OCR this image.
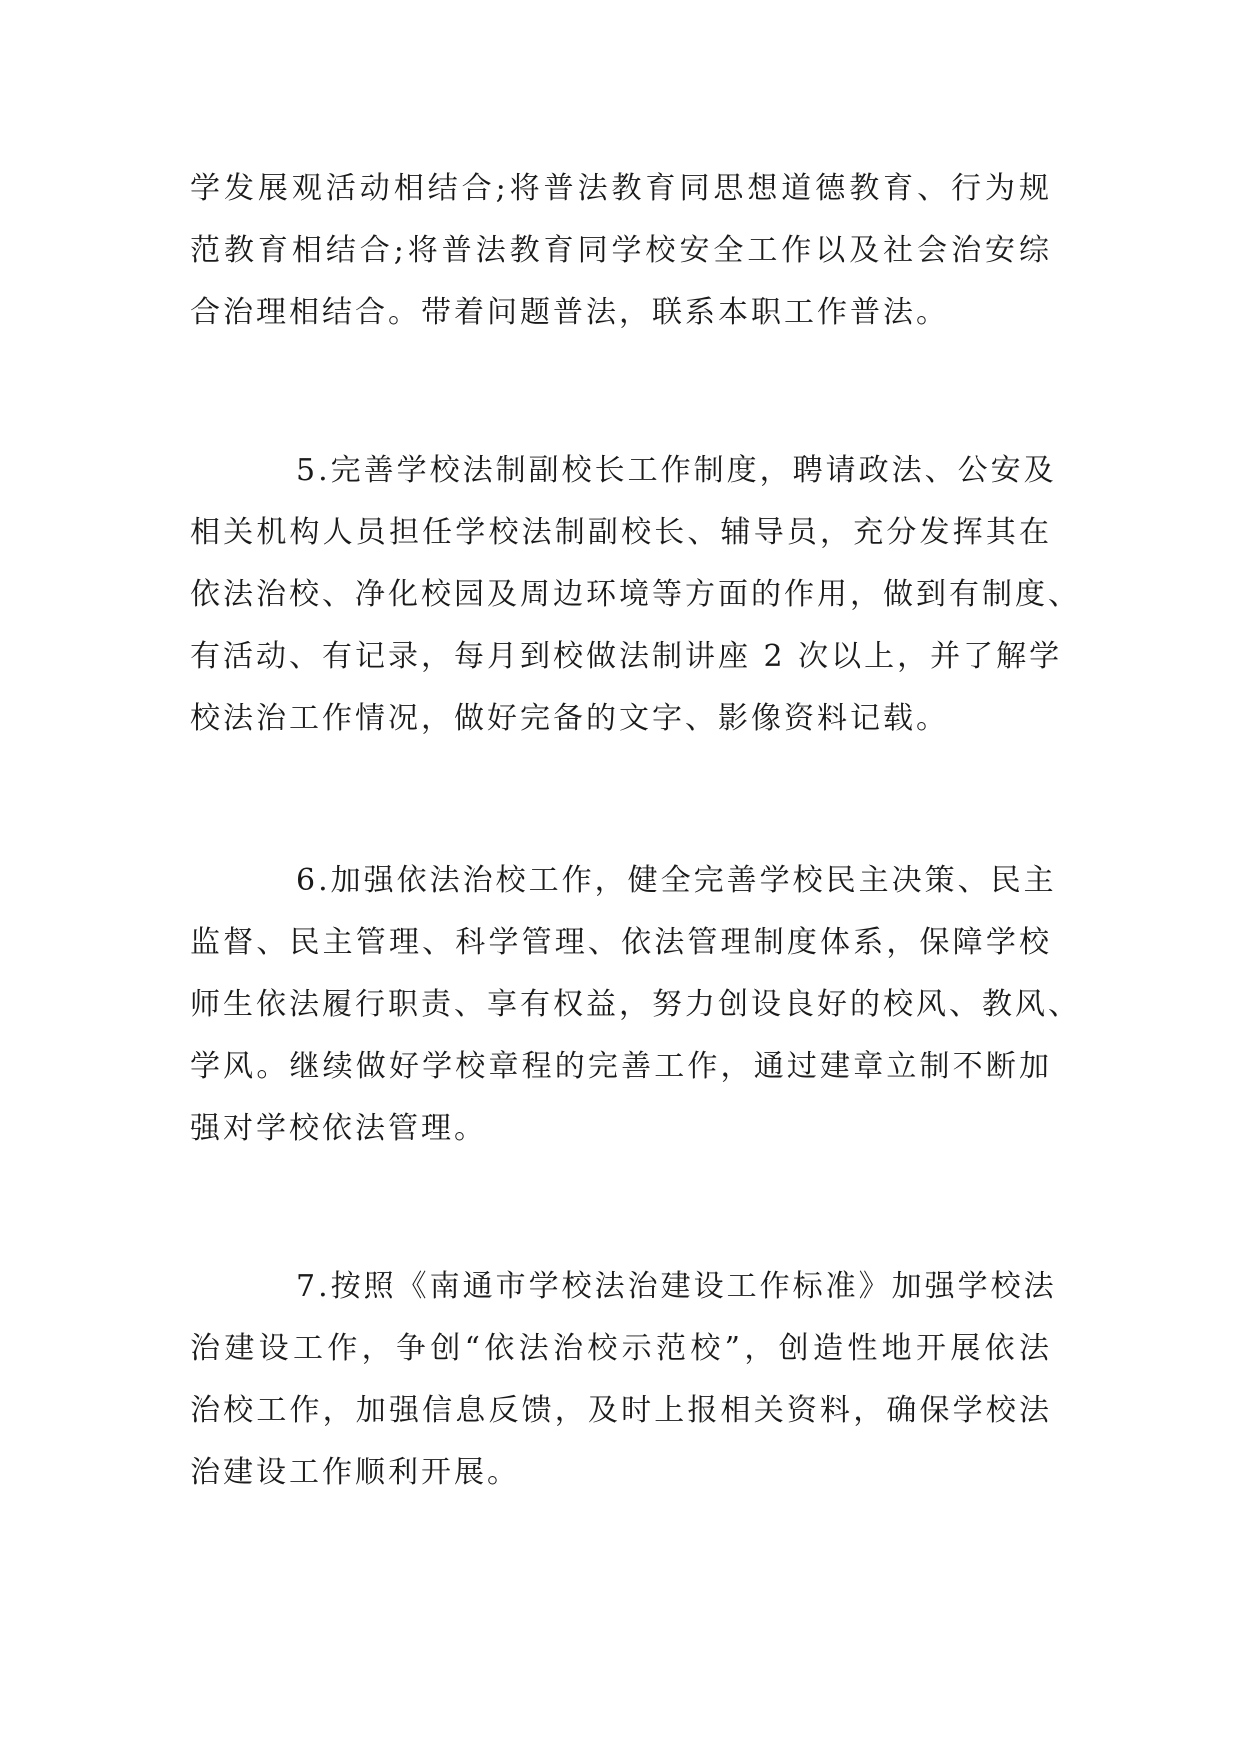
学发展观活动相结合;将普法教育同思想道德教育、行为规
范教育相结合;将普法教育同学校安全工作以及社会治安综
合治理相结合。带着问题普法，联系本职工作普法。
5.完善学校法制副校长工作制度，聘请政法、公安及
相关机构人员担任学校法制副校长、辅导员，充分发挥其在
依法治校、净化校园及周边环境等方面的作用，做到有制度、
有活动、有记录，每月到校做法制讲座 2 次以上，并了解学
校法治工作情况，做好完备的文字、影像资料记载。
6.加强依法治校工作，健全完善学校民主决策、民主
监督、民主管理、科学管理、依法管理制度体系，保障学校
师生依法履行职责、享有权益，努力创设良好的校风、教风、
学风。继续做好学校章程的完善工作，通过建章立制不断加
强对学校依法管理。
7.按照《南通市学校法治建设工作标准》加强学校法
治建设工作，争创“依法治校示范校”，创造性地开展依法
治校工作，加强信息反馈，及时上报相关资料，确保学校法
治建设工作顺利开展。
